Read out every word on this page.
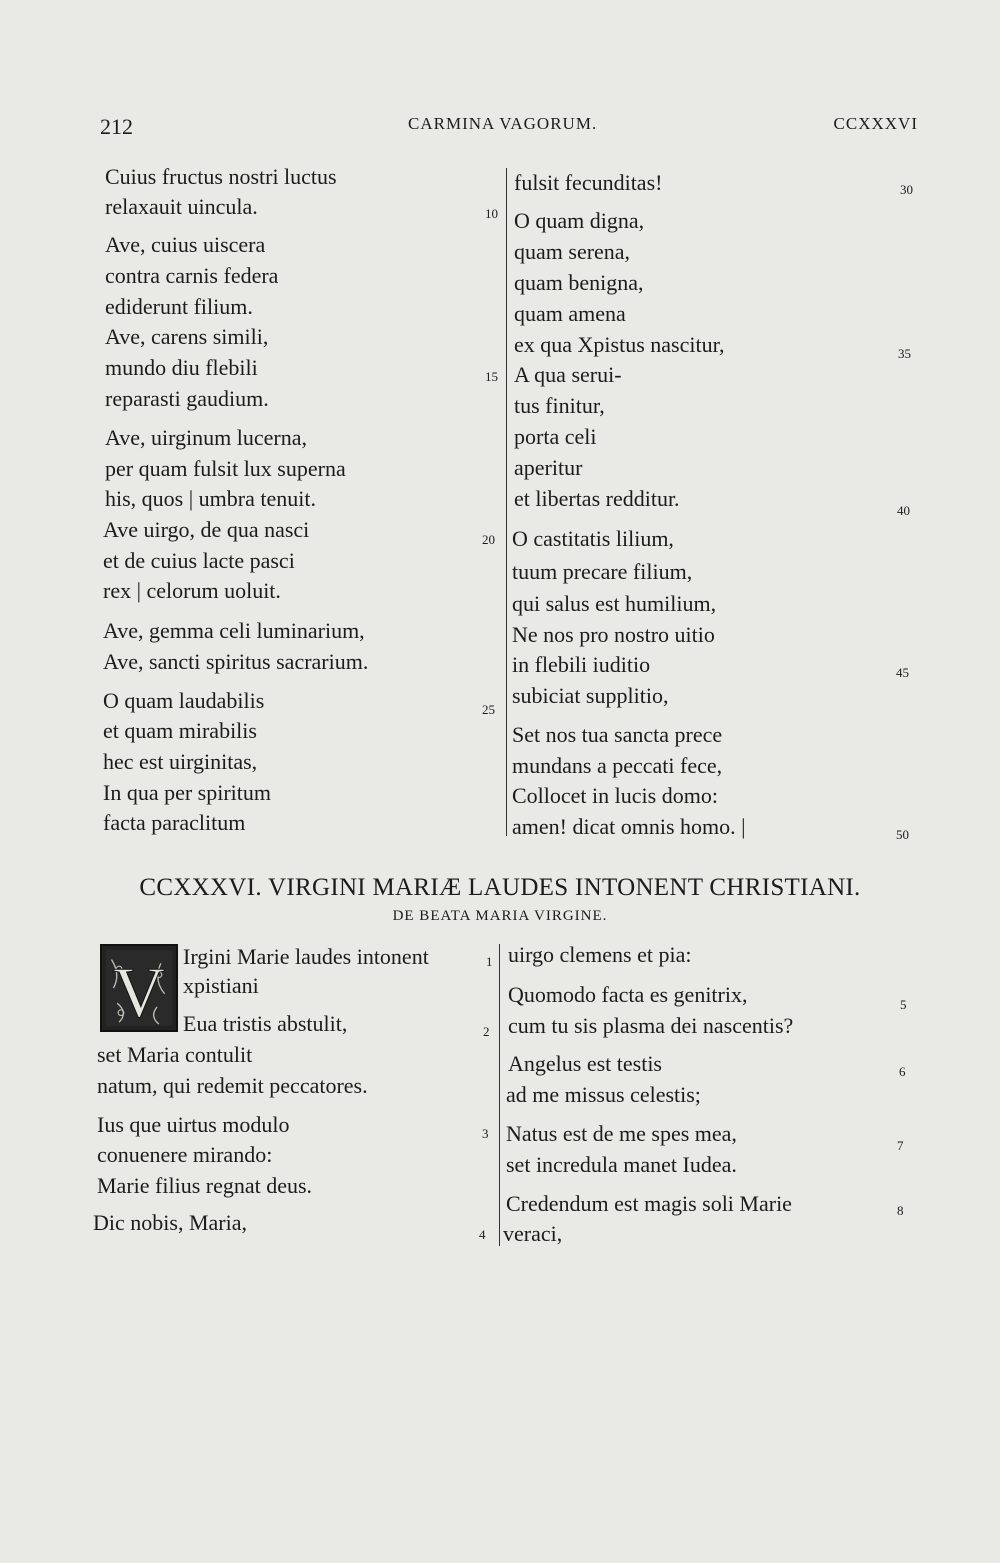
212	CARMINA VAGORUM.	CCXXXVI
Cuius fructus nostri luctus
relaxauit uincula.
Ave, cuius uiscera
contra carnis federa
ediderunt filium.
Ave, carens simili,
mundo diu flebili
reparasti gaudium.
Ave, uirginum lucerna,
per quam fulsit lux superna
his, quos | umbra tenuit.
Ave uirgo, de qua nasci
et de cuius lacte pasci
rex | celorum uoluit.
Ave, gemma celi luminarium,
Ave, sancti spiritus sacrarium.
O quam laudabilis
et quam mirabilis
hec est uirginitas,
In qua per spiritum
facta paraclitum
10
15
20
25
fulsit fecunditas!
O quam digna,
quam serena,
quam benigna,
quam amena
ex qua Xpistus nascitur,
A qua serui-
tus finitur,
porta celi
aperitur
et libertas redditur.
O castitatis lilium,
tuum precare filium,
qui salus est humilium,
Ne nos pro nostro uitio
in flebili iuditio
subiciat supplitio,
Set nos tua sancta prece
mundans a peccati fece,
Collocet in lucis domo:
amen! dicat omnis homo. |
30
35
40
45
50
CCXXXVI. VIRGINI MARIÆ LAUDES INTONENT CHRISTIANI.
DE BEATA MARIA VIRGINE.
V Irgini Marie laudes intonent
xpistiani
Eua tristis abstulit,
set Maria contulit
natum, qui redemit peccatores.
Ius que uirtus modulo
conuenere mirando:
Marie filius regnat deus.
Dic nobis, Maria,
1
2
3
4
uirgo clemens et pia:
Quomodo facta es genitrix,
cum tu sis plasma dei nascentis?
Angelus est testis
ad me missus celestis;
Natus est de me spes mea,
set incredula manet Iudea.
Credendum est magis soli Marie
veraci,
5
6
7
8
